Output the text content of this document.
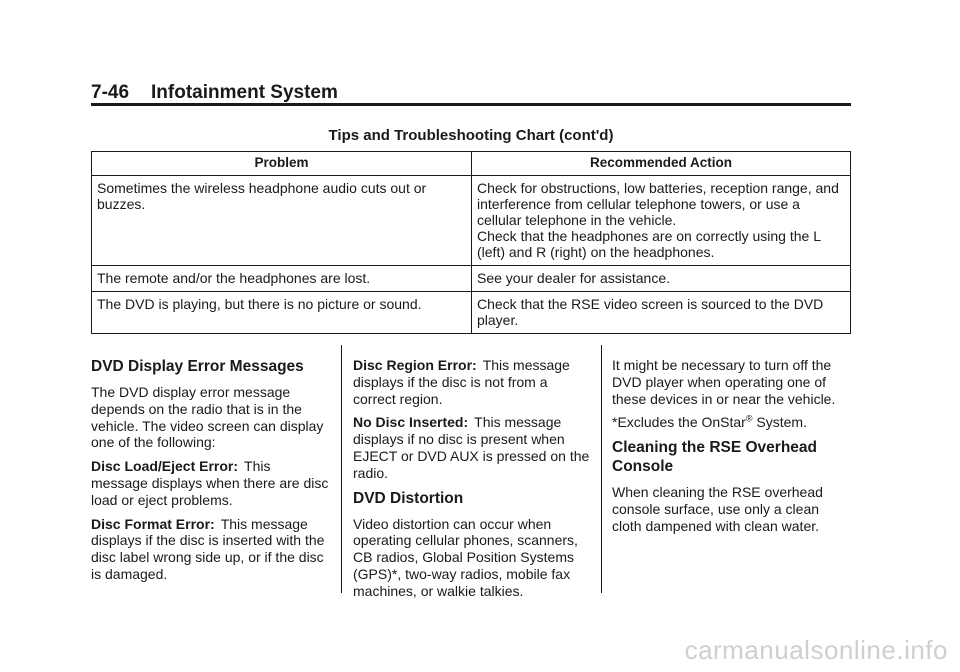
7-46 Infotainment System
Tips and Troubleshooting Chart (cont'd)
Problem	Recommended Action
Sometimes the wireless headphone audio cuts out or buzzes.	Check for obstructions, low batteries, reception range, and interference from cellular telephone towers, or use a cellular telephone in the vehicle.
Check that the headphones are on correctly using the L (left) and R (right) on the headphones.

The remote and/or the headphones are lost.	See your dealer for assistance.

The DVD is playing, but there is no picture or sound.	Check that the RSE video screen is sourced to the DVD player.
DVD Display Error Messages

The DVD display error message depends on the radio that is in the vehicle. The video screen can display one of the following:

Disc Load/Eject Error: This message displays when there are disc load or eject problems.

Disc Format Error: This message displays if the disc is inserted with the disc label wrong side up, or if the disc is damaged.

Disc Region Error: This message displays if the disc is not from a correct region.

No Disc Inserted: This message displays if no disc is present when EJECT or DVD AUX is pressed on the radio.

DVD Distortion

Video distortion can occur when operating cellular phones, scanners, CB radios, Global Position Systems (GPS)*, two-way radios, mobile fax machines, or walkie talkies.

It might be necessary to turn off the DVD player when operating one of these devices in or near the vehicle.

*Excludes the OnStar® System.

Cleaning the RSE Overhead Console

When cleaning the RSE overhead console surface, use only a clean cloth dampened with clean water.

carmanualsonline.info
